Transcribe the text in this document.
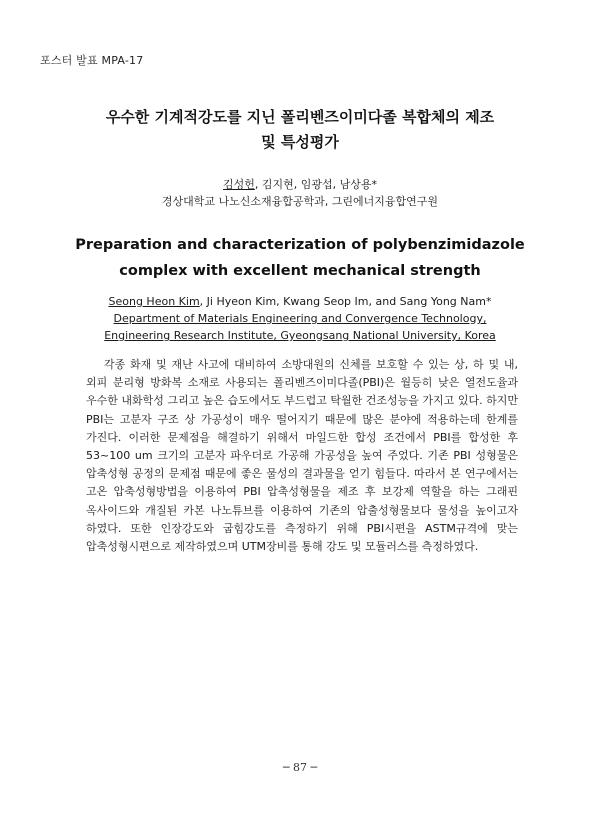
포스터 발표 MPA-17
우수한 기계적강도를 지닌 폴리벤즈이미다졸 복합체의 제조
및 특성평가
김성헌, 김지현, 임광섭, 남상용*
경상대학교 나노신소재융합공학과, 그린에너지융합연구원
Preparation and characterization of polybenzimidazole
complex with excellent mechanical strength
Seong Heon Kim, Ji Hyeon Kim, Kwang Seop Im, and Sang Yong Nam*
Department of Materials Engineering and Convergence Technology,
Engineering Research Institute, Gyeongsang National University, Korea
각종 화재 및 재난 사고에 대비하여 소방대원의 신체를 보호할 수 있는 상, 하 및 내, 외피 분리형 방화복 소재로 사용되는 폴리벤즈이미다졸(PBI)은 월등히 낮은 열전도율과 우수한 내화학성 그리고 높은 습도에서도 부드럽고 탁월한 건조성능을 가지고 있다. 하지만 PBI는 고분자 구조 상 가공성이 매우 떨어지기 때문에 많은 분야에 적용하는데 한계를 가진다. 이러한 문제점을 해결하기 위해서 마일드한 합성 조건에서 PBI를 합성한 후 53~100 um 크기의 고분자 파우더로 가공해 가공성을 높여 주었다. 기존 PBI 성형물은 압축성형 공정의 문제점 때문에 좋은 물성의 결과물을 얻기 힘들다. 따라서 본 연구에서는 고온 압축성형방법을 이용하여 PBI 압축성형물을 제조 후 보강제 역할을 하는 그래핀 옥사이드와 개질된 카본 나노튜브를 이용하여 기존의 압출성형물보다 물성을 높이고자 하였다. 또한 인장강도와 굽힘강도를 측정하기 위해 PBI시편을 ASTM규격에 맞는 압축성형시편으로 제작하였으며 UTM장비를 통해 강도 및 모듈러스를 측정하였다.
─ 87 ─
